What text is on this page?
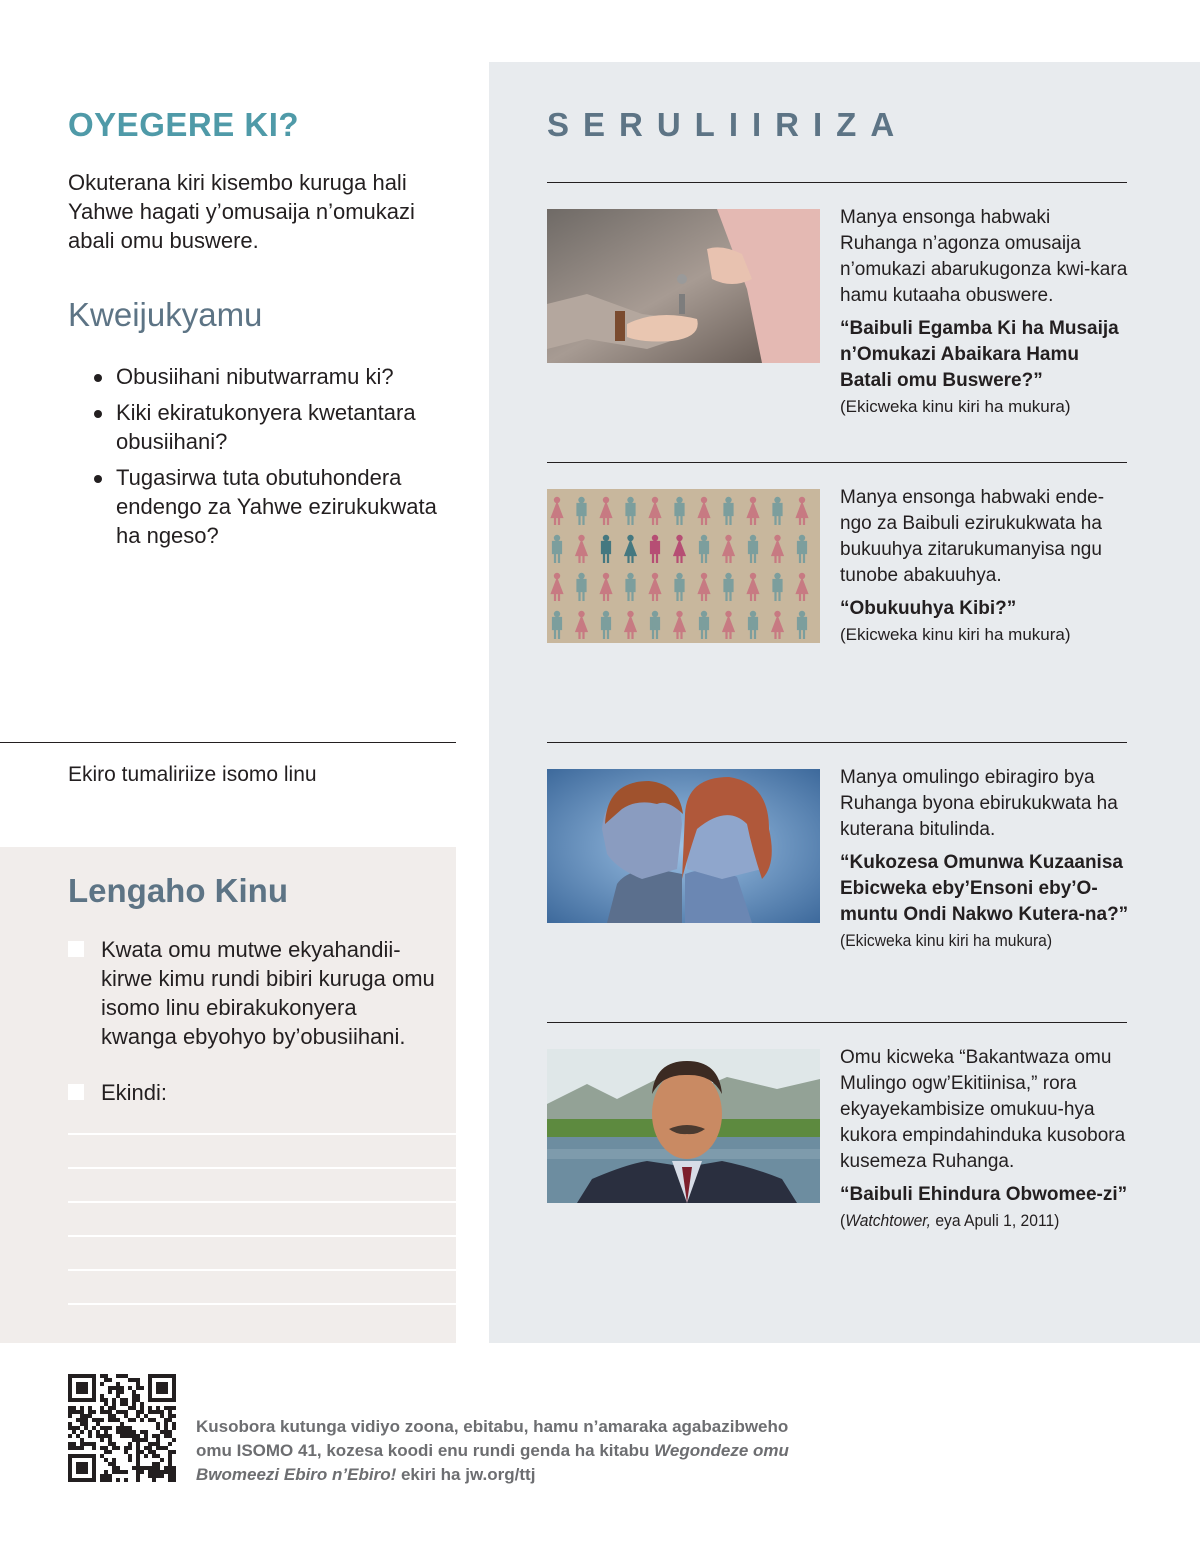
OYEGERE KI?

Okuterana kiri kisembo kuruga hali Yahwe hagati y’omusaija n’omukazi abali omu buswere.

Kweijukyamu
Obusiihani nibutwarramu ki?
Kiki ekiratukonyera kwetantara obusiihani?
Tugasirwa tuta obutuhondera endengo za Yahwe ezirukukwata ha ngeso?

Ekiro tumaliriize isomo linu

Lengaho Kinu
Kwata omu mutwe ekyahandii-kirwe kimu rundi bibiri kuruga omu isomo linu ebirakukonyera kwanga ebyohyo by’obusiihani.
Ekindi:
SERULIIRIZA

Manya ensonga habwaki Ruhanga n’agonza omusaija n’omukazi abarukugonza kwi-kara hamu kutaaha obuswere.

“Baibuli Egamba Ki ha Musaija n’Omukazi Abaikara Hamu Batali omu Buswere?”

(Ekicweka kinu kiri ha mukura)

Manya ensonga habwaki ende-ngo za Baibuli ezirukukwata ha bukuuhya zitarukumanyisa ngu tunobe abakuuhya.

“Obukuuhya Kibi?”

(Ekicweka kinu kiri ha mukura)

Manya omulingo ebiragiro bya Ruhanga byona ebirukukwata ha kuterana bitulinda.

“Kukozesa Omunwa Kuzaanisa Ebicweka eby’Ensoni eby’O-muntu Ondi Nakwo Kutera-na?” (Ekicweka kinu kiri ha mukura)

Omu kicweka “Bakantwaza omu Mulingo ogw’Ekitiinisa,” rora ekyayekambisize omukuu-hya kukora empindahinduka kusobora kusemeza Ruhanga.

“Baibuli Ehindura Obwomee-zi” (Watchtower, eya Apuli 1, 2011)

Kusobora kutunga vidiyo zoona, ebitabu, hamu n’amaraka agabazibweho omu ISOMO 41, kozesa koodi enu rundi genda ha kitabu Wegondeze omu Bwomeezi Ebiro n’Ebiro! ekiri ha jw.org/ttj
